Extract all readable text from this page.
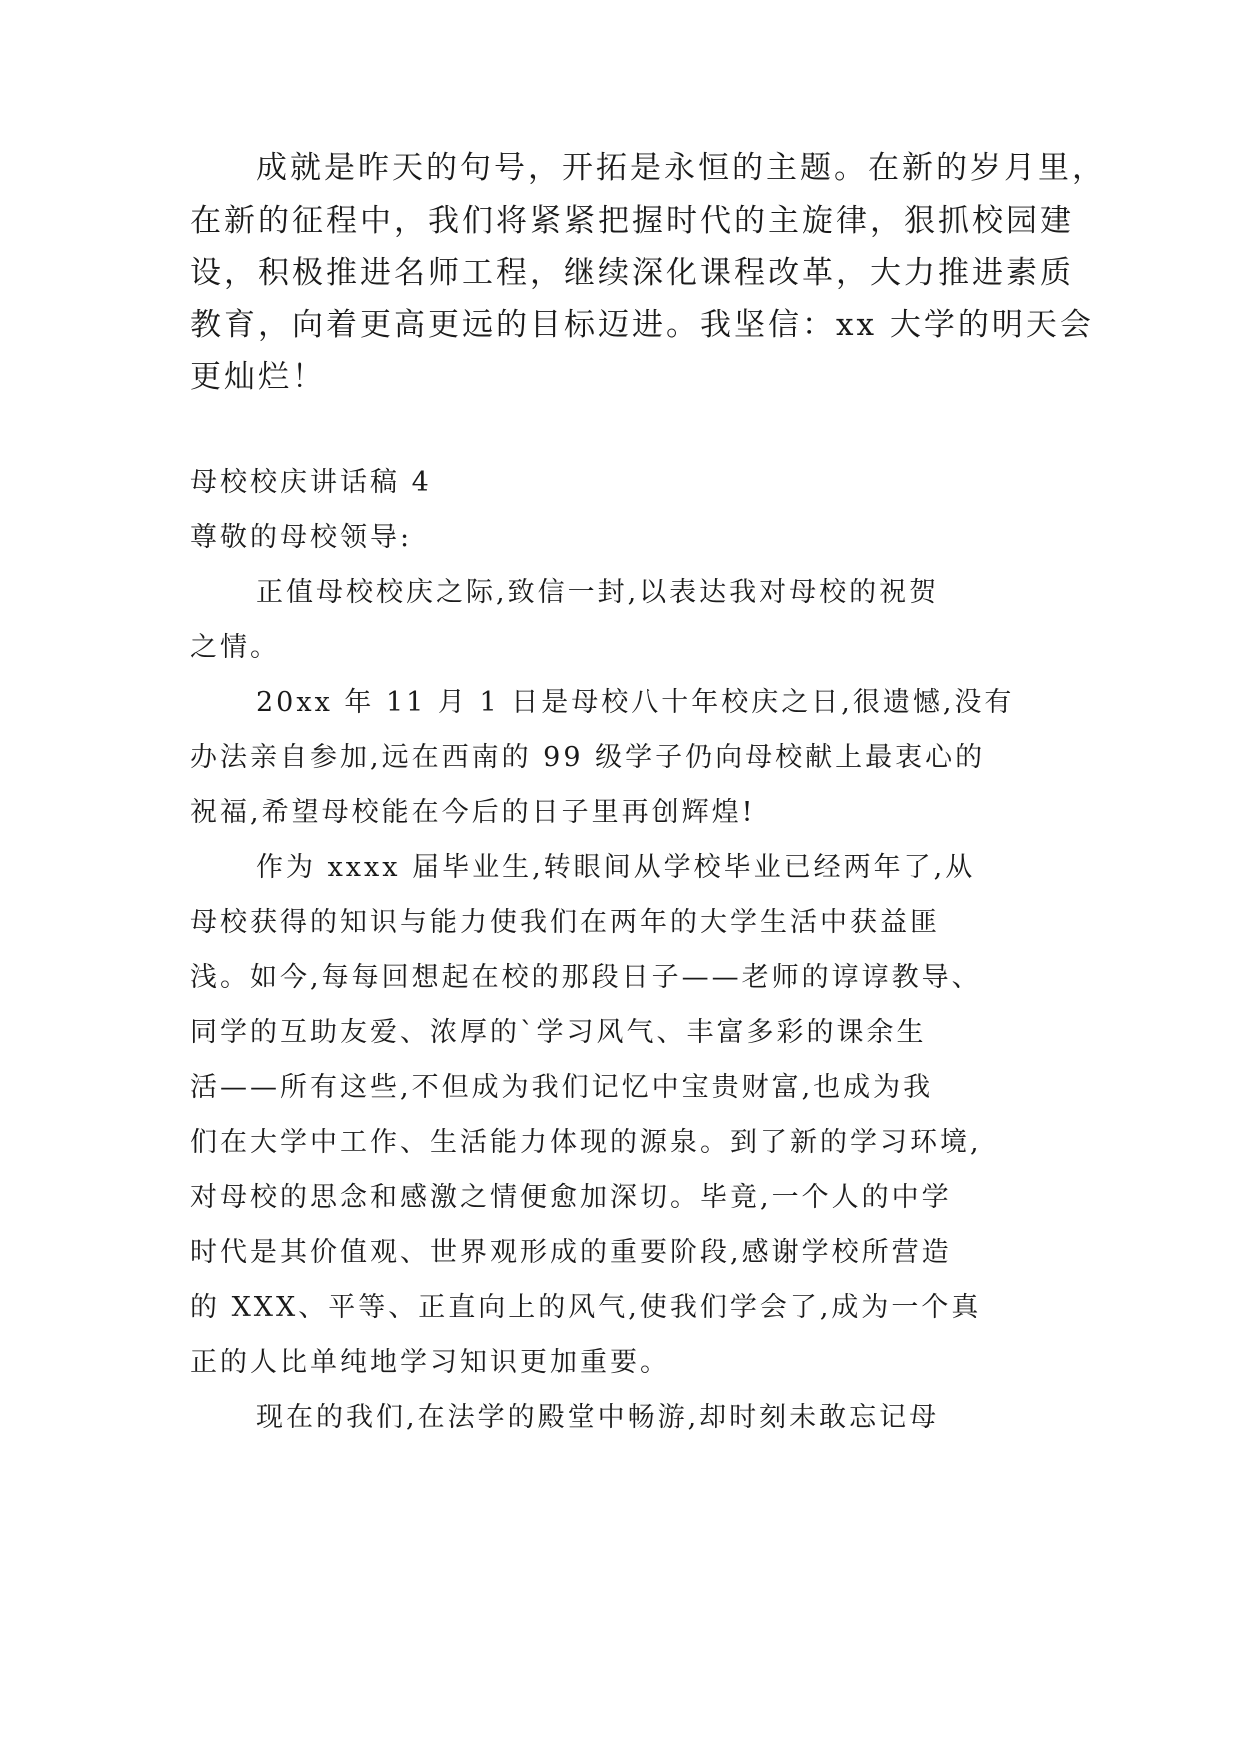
成就是昨天的句号，开拓是永恒的主题。在新的岁月里，
在新的征程中，我们将紧紧把握时代的主旋律，狠抓校园建
设，积极推进名师工程，继续深化课程改革，大力推进素质
教育，向着更高更远的目标迈进。我坚信：xx 大学的明天会
更灿烂！
母校校庆讲话稿 4
尊敬的母校领导:
正值母校校庆之际,致信一封,以表达我对母校的祝贺
之情。
20xx 年 11 月 1 日是母校八十年校庆之日,很遗憾,没有
办法亲自参加,远在西南的 99 级学子仍向母校献上最衷心的
祝福,希望母校能在今后的日子里再创辉煌!
作为 xxxx 届毕业生,转眼间从学校毕业已经两年了,从
母校获得的知识与能力使我们在两年的大学生活中获益匪
浅。如今,每每回想起在校的那段日子——老师的谆谆教导、
同学的互助友爱、浓厚的`学习风气、丰富多彩的课余生
活——所有这些,不但成为我们记忆中宝贵财富,也成为我
们在大学中工作、生活能力体现的源泉。到了新的学习环境,
对母校的思念和感激之情便愈加深切。毕竟,一个人的中学
时代是其价值观、世界观形成的重要阶段,感谢学校所营造
的 XXX、平等、正直向上的风气,使我们学会了,成为一个真
正的人比单纯地学习知识更加重要。
现在的我们,在法学的殿堂中畅游,却时刻未敢忘记母
